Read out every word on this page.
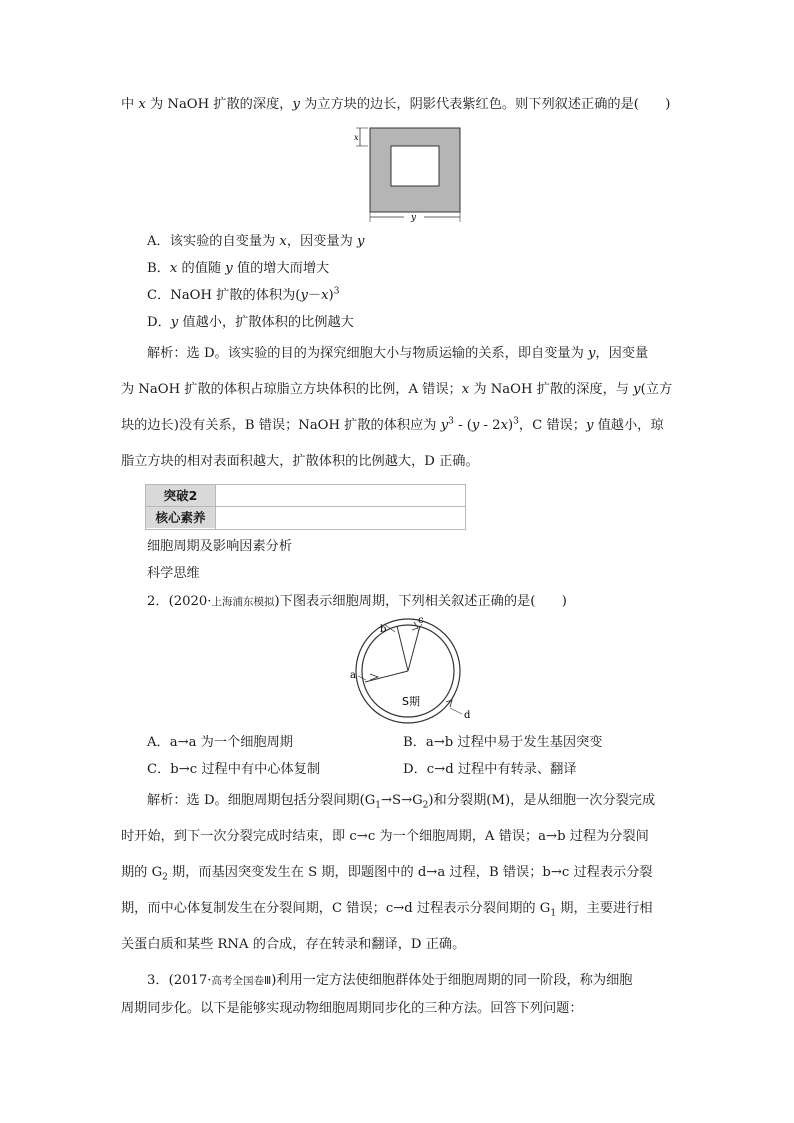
中 x 为 NaOH 扩散的深度，y 为立方块的边长，阴影代表紫红色。则下列叙述正确的是(　　)
x
y
A．该实验的自变量为 x，因变量为 y
B．x 的值随 y 值的增大而增大
C．NaOH 扩散的体积为$(y-x)^3$
D．y 值越小，扩散体积的比例越大
解析：选 D。该实验的目的为探究细胞大小与物质运输的关系，即自变量为 y，因变量
为 NaOH 扩散的体积占琼脂立方块体积的比例，A 错误；x 为 NaOH 扩散的深度，与 y(立方
块的边长)没有关系，B 错误；NaOH 扩散的体积应为 $y^3 - (y - 2x)^3$，C 错误；y 值越小，琼
脂立方块的相对表面积越大，扩散体积的比例越大，D 正确。
突破2
核心素养
细胞周期及影响因素分析
科学思维
2．(2020·上海浦东模拟)下图表示细胞周期，下列相关叙述正确的是(　　)
a
b
c
d
S期
A．a→a 为一个细胞周期	B．a→b 过程中易于发生基因突变
C．b→c 过程中有中心体复制	D．c→d 过程中有转录、翻译
解析：选 D。细胞周期包括分裂间期$(G_1\to S\to G_2)$和分裂期(M)，是从细胞一次分裂完成
时开始，到下一次分裂完成时结束，即 c→c 为一个细胞周期，A 错误；a→b 过程为分裂间
期的 $G_2$ 期，而基因突变发生在 S 期，即题图中的 d→a 过程，B 错误；b→c 过程表示分裂
期，而中心体复制发生在分裂间期，C 错误；c→d 过程表示分裂间期的 $G_1$ 期，主要进行相
关蛋白质和某些 RNA 的合成，存在转录和翻译，D 正确。
3．(2017·高考全国卷Ⅲ)利用一定方法使细胞群体处于细胞周期的同一阶段，称为细胞
周期同步化。以下是能够实现动物细胞周期同步化的三种方法。回答下列问题：
